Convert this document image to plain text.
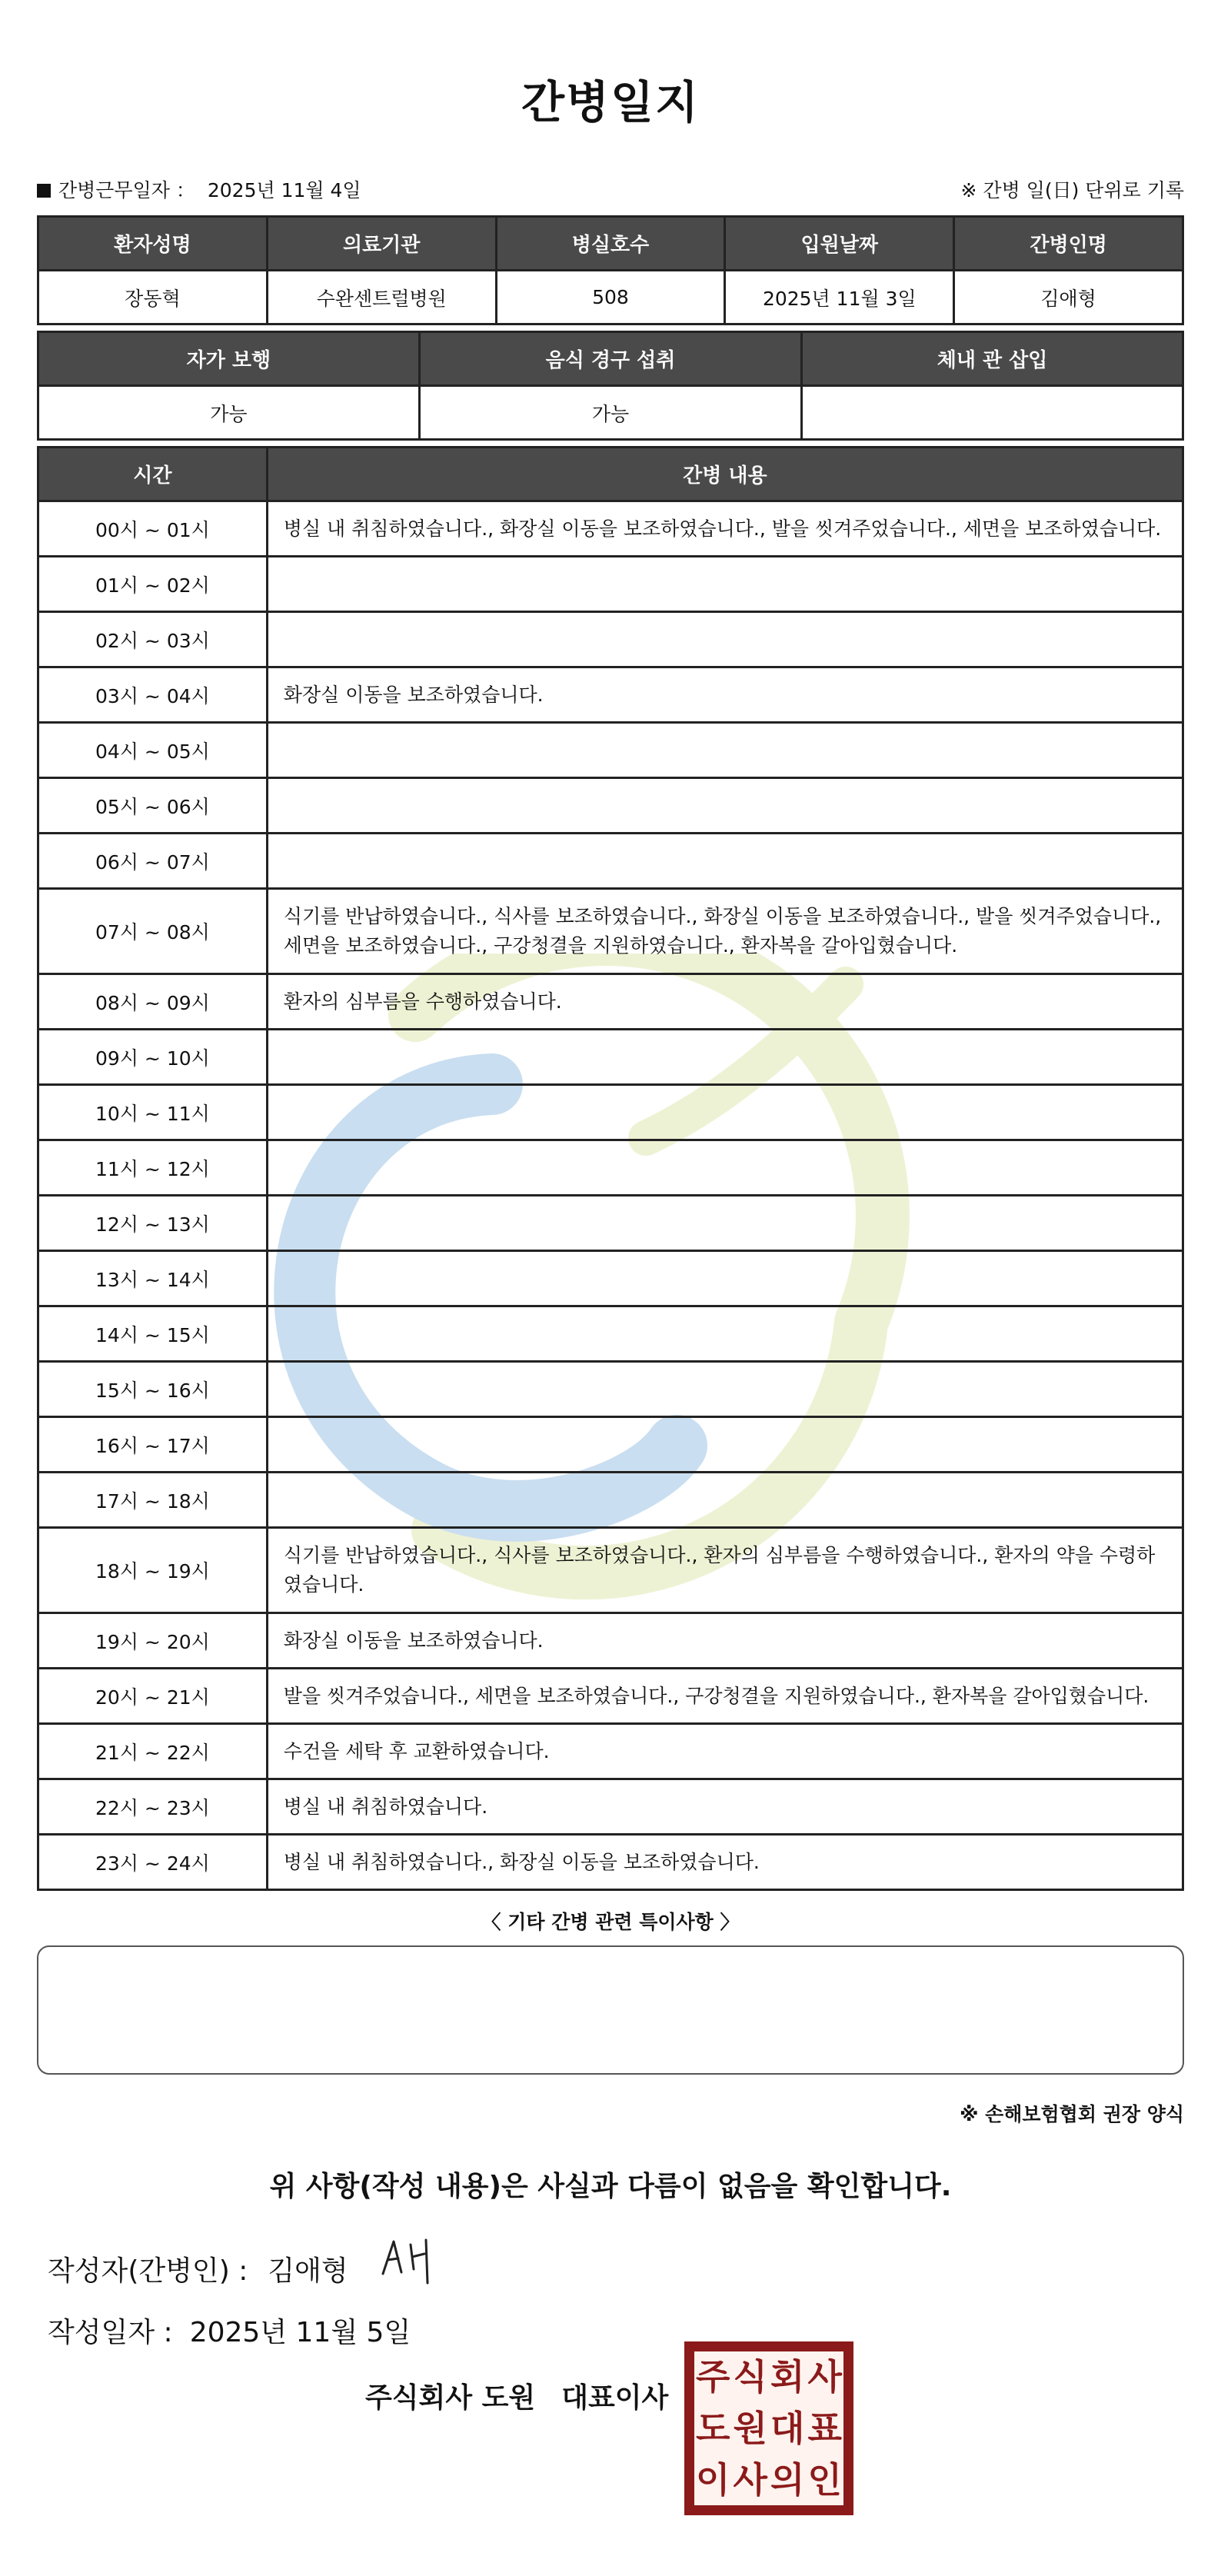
간병일지
간병근무일자 ： 2025년 11월 4일	※ 간병 일(日) 단위로 기록
환자성명	의료기관	병실호수	입원날짜	간병인명
장동혁	수완센트럴병원	508	2025년 11월 3일	김애형
자가 보행	음식 경구 섭취	체내 관 삽입
가능	가능	
시간	간병 내용
00시 ~ 01시	병실 내 취침하였습니다., 화장실 이동을 보조하였습니다., 발을 씻겨주었습니다., 세면을 보조하였습니다.
01시 ~ 02시	
02시 ~ 03시	
03시 ~ 04시	화장실 이동을 보조하였습니다.
04시 ~ 05시	
05시 ~ 06시	
06시 ~ 07시	
07시 ~ 08시	식기를 반납하였습니다., 식사를 보조하였습니다., 화장실 이동을 보조하였습니다., 발을 씻겨주었습니다., 세면을 보조하였습니다., 구강청결을 지원하였습니다., 환자복을 갈아입혔습니다.
08시 ~ 09시	환자의 심부름을 수행하였습니다.
09시 ~ 10시	
10시 ~ 11시	
11시 ~ 12시	
12시 ~ 13시	
13시 ~ 14시	
14시 ~ 15시	
15시 ~ 16시	
16시 ~ 17시	
17시 ~ 18시	
18시 ~ 19시	식기를 반납하였습니다., 식사를 보조하였습니다., 환자의 심부름을 수행하였습니다., 환자의 약을 수령하였습니다.
19시 ~ 20시	화장실 이동을 보조하였습니다.
20시 ~ 21시	발을 씻겨주었습니다., 세면을 보조하였습니다., 구강청결을 지원하였습니다., 환자복을 갈아입혔습니다.
21시 ~ 22시	수건을 세탁 후 교환하였습니다.
22시 ~ 23시	병실 내 취침하였습니다.
23시 ~ 24시	병실 내 취침하였습니다., 화장실 이동을 보조하였습니다.
〈 기타 간병 관련 특이사항 〉
※ 손해보험협회 권장 양식
위 사항(작성 내용)은 사실과 다름이 없음을 확인합니다.
작성자(간병인) : 김애형
작성일자 : 2025년 11월 5일
주식회사 도원 대표이사
주 식 회 사
도 원 대 표
이 사 의 인
